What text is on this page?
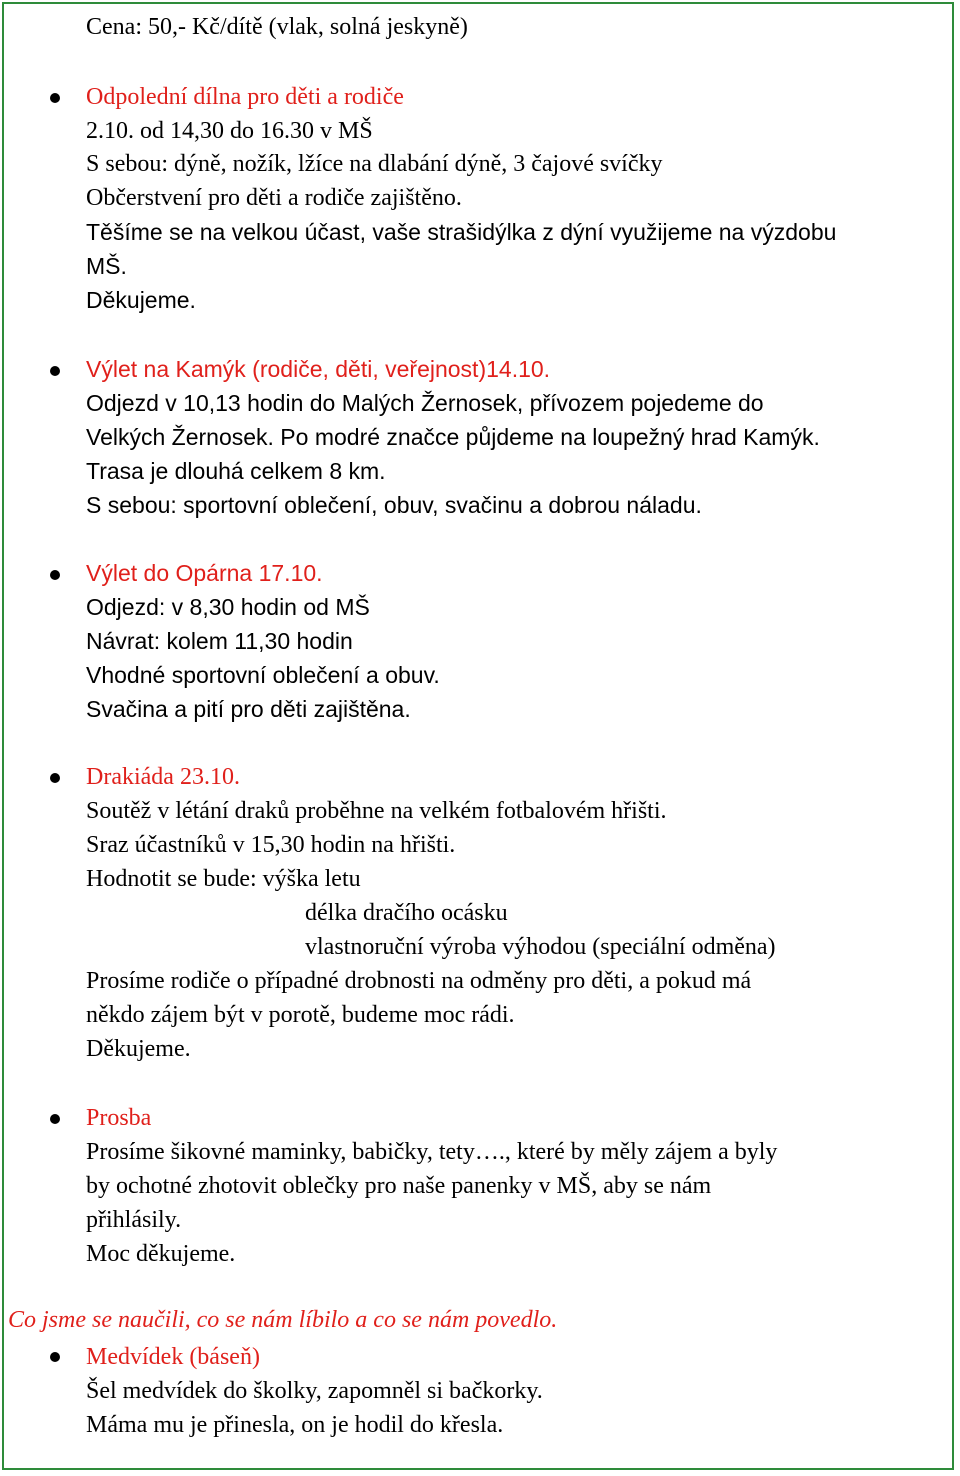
Cena: 50,- Kč/dítě (vlak, solná jeskyně)
Odpolední dílna pro děti a rodiče
2.10. od 14,30 do 16.30 v MŠ
S sebou: dýně, nožík, lžíce na dlabání dýně, 3 čajové svíčky
Občerstvení pro děti a rodiče zajištěno.
Těšíme se na velkou účast, vaše strašidýlka z dýní využijeme na výzdobu
MŠ.
Děkujeme.
Výlet na Kamýk (rodiče, děti, veřejnost)14.10.
Odjezd v 10,13 hodin do Malých Žernosek, přívozem pojedeme do
Velkých Žernosek. Po modré značce půjdeme na loupežný hrad Kamýk.
Trasa je dlouhá celkem 8 km.
S sebou: sportovní oblečení, obuv, svačinu a dobrou náladu.
Výlet do Opárna 17.10.
Odjezd: v 8,30 hodin od MŠ
Návrat: kolem 11,30 hodin
Vhodné sportovní oblečení a obuv.
Svačina a pití pro děti zajištěna.
Drakiáda 23.10.
Soutěž v létání draků proběhne na velkém fotbalovém hřišti.
Sraz účastníků v 15,30 hodin na hřišti.
Hodnotit se bude: výška letu
délka dračího ocásku
vlastnoruční výroba výhodou (speciální odměna)
Prosíme rodiče o případné drobnosti na odměny pro děti, a pokud má
někdo zájem být v porotě, budeme moc rádi.
Děkujeme.
Prosba
Prosíme šikovné maminky, babičky, tety…., které by měly zájem a byly
by ochotné zhotovit oblečky pro naše panenky v MŠ, aby se nám
přihlásily.
Moc děkujeme.
Co jsme se naučili, co se nám líbilo a co se nám povedlo.
Medvídek (báseň)
Šel medvídek do školky, zapomněl si bačkorky.
Máma mu je přinesla, on je hodil do křesla.
